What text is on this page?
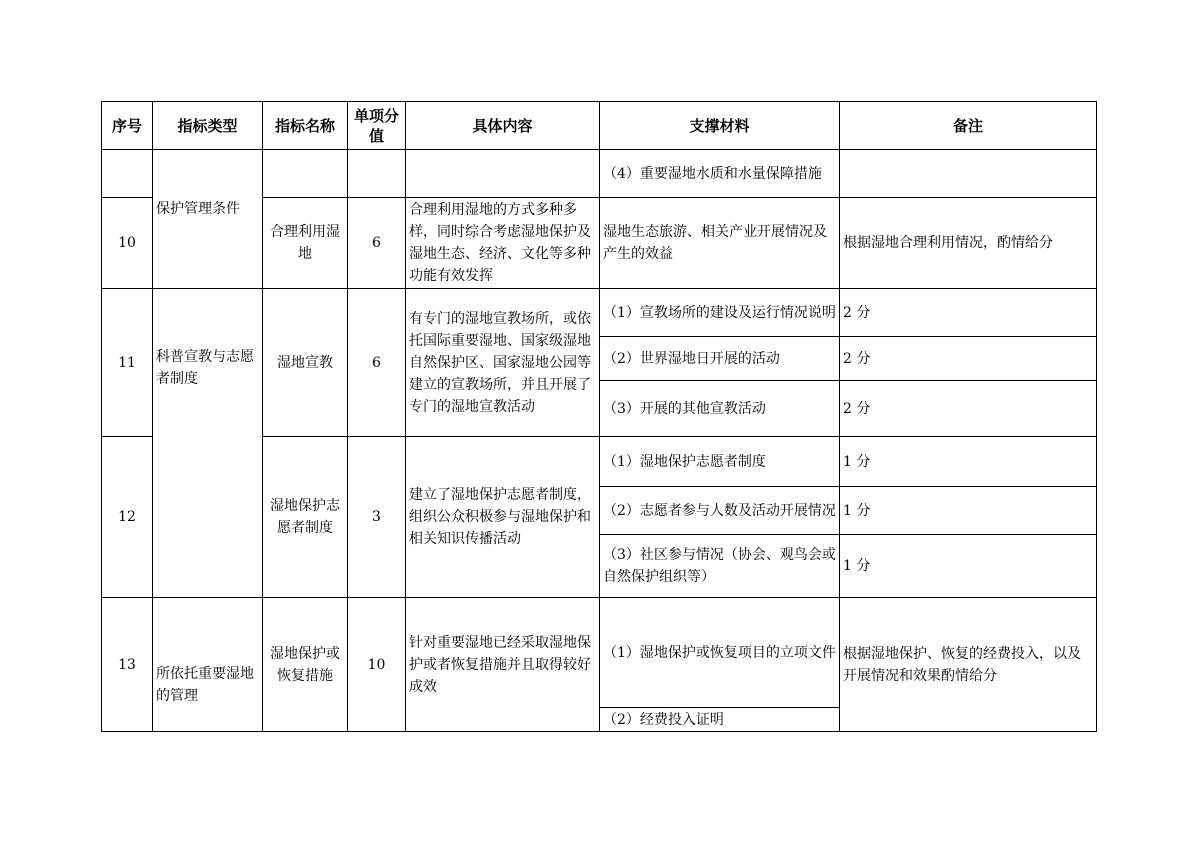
序号	指标类型	指标名称	单项分值	具体内容	支撑材料	备注

	保护管理条件				（4）重要湿地水质和水量保障措施	
10		合理利用湿地	6	合理利用湿地的方式多种多样，同时综合考虑湿地保护及湿地生态、经济、文化等多种功能有效发挥	湿地生态旅游、相关产业开展情况及产生的效益	根据湿地合理利用情况，酌情给分
11	科普宣教与志愿者制度	湿地宣教	6	有专门的湿地宣教场所，或依托国际重要湿地、国家级湿地自然保护区、国家湿地公园等建立的宣教场所，并且开展了专门的湿地宣教活动	（1）宣教场所的建设及运行情况说明	2 分
					（2）世界湿地日开展的活动	2 分
					（3）开展的其他宣教活动	2 分
12		湿地保护志愿者制度	3	建立了湿地保护志愿者制度，组织公众积极参与湿地保护和相关知识传播活动	（1）湿地保护志愿者制度	1 分
					（2）志愿者参与人数及活动开展情况	1 分
					（3）社区参与情况（协会、观鸟会或自然保护组织等）	1 分
13	所依托重要湿地的管理	湿地保护或恢复措施	10	针对重要湿地已经采取湿地保护或者恢复措施并且取得较好成效	（1）湿地保护或恢复项目的立项文件	根据湿地保护、恢复的经费投入，以及开展情况和效果酌情给分
					（2）经费投入证明	
